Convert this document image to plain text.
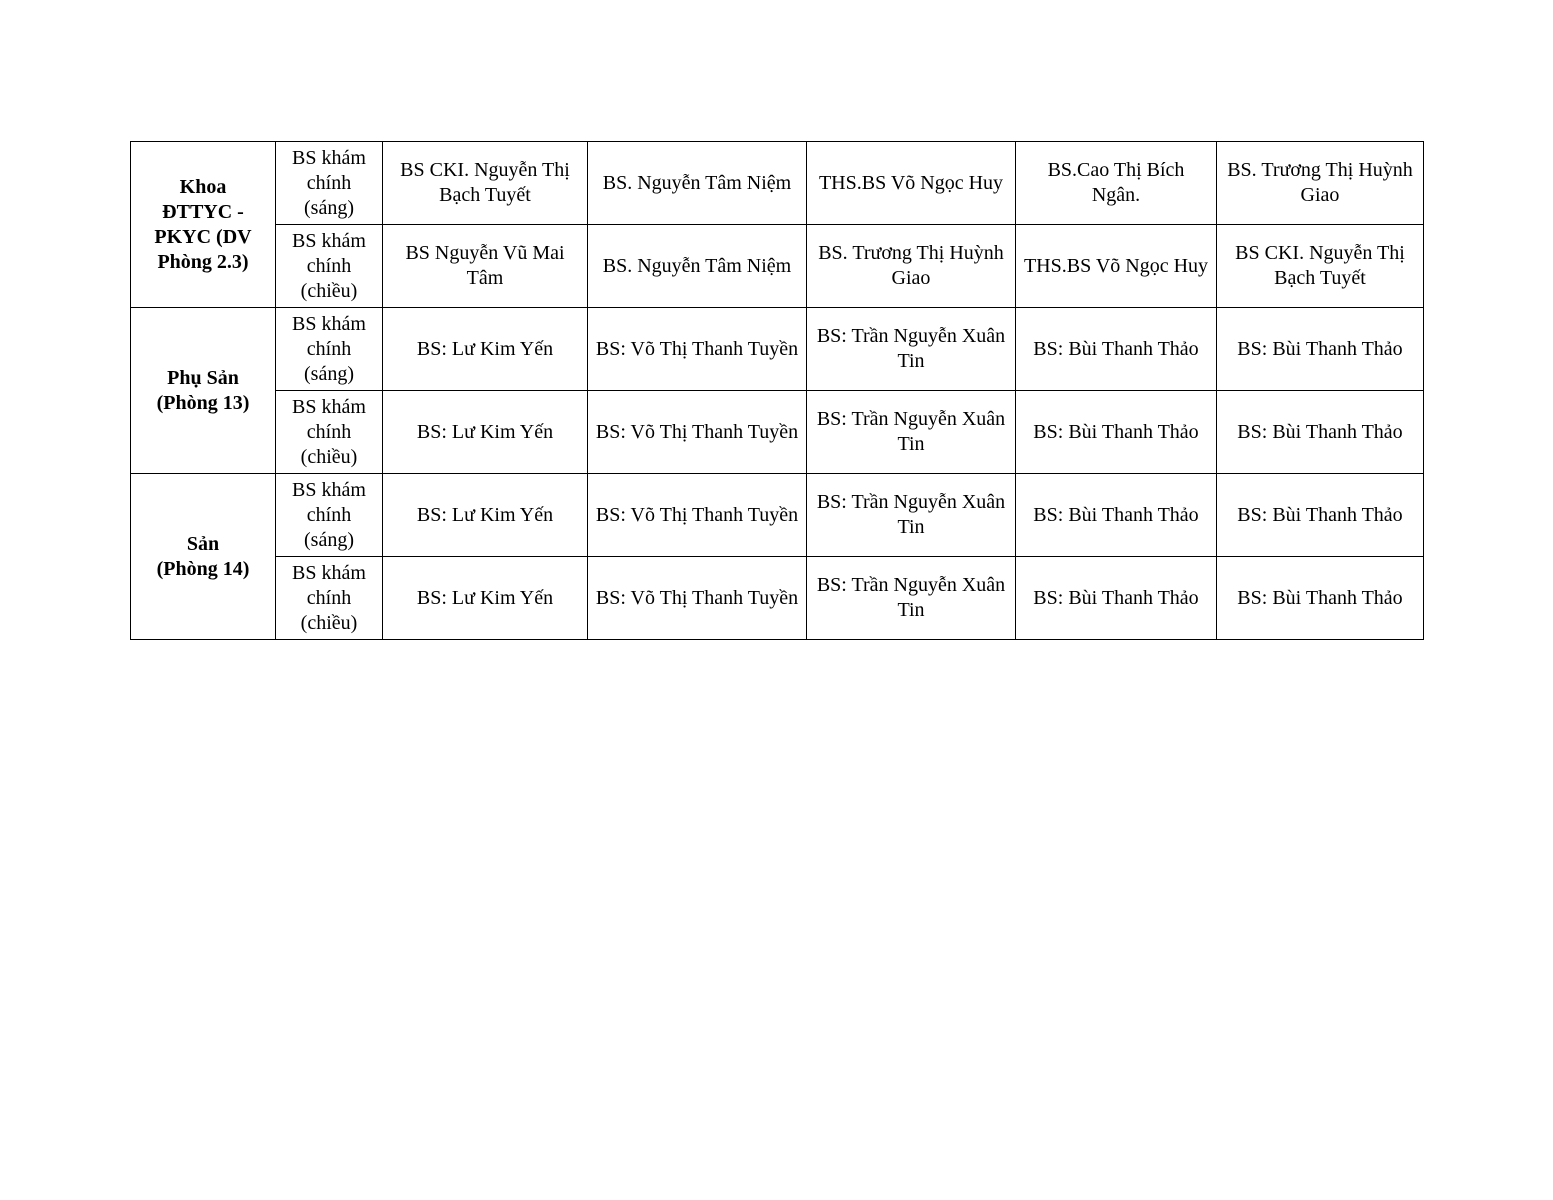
Khoa
ĐTTYC -
PKYC (DV
Phòng 2.3)	BS khám
chính
(sáng)	BS CKI. Nguyễn Thị Bạch Tuyết	BS. Nguyễn Tâm Niệm	THS.BS Võ Ngọc Huy	BS.Cao Thị Bích Ngân.	BS. Trương Thị Huỳnh Giao

	BS khám
chính
(chiều)	BS Nguyễn Vũ Mai Tâm	BS. Nguyễn Tâm Niệm	BS. Trương Thị Huỳnh Giao	THS.BS Võ Ngọc Huy	BS CKI. Nguyễn Thị Bạch Tuyết

Phụ Sản
(Phòng 13)	BS khám
chính
(sáng)	BS: Lư Kim Yến	BS: Võ Thị Thanh Tuyền	BS: Trần Nguyễn Xuân Tin	BS: Bùi Thanh Thảo	BS: Bùi Thanh Thảo

	BS khám
chính
(chiều)	BS: Lư Kim Yến	BS: Võ Thị Thanh Tuyền	BS: Trần Nguyễn Xuân Tin	BS: Bùi Thanh Thảo	BS: Bùi Thanh Thảo

Sản
(Phòng 14)	BS khám
chính
(sáng)	BS: Lư Kim Yến	BS: Võ Thị Thanh Tuyền	BS: Trần Nguyễn Xuân Tin	BS: Bùi Thanh Thảo	BS: Bùi Thanh Thảo

	BS khám
chính
(chiều)	BS: Lư Kim Yến	BS: Võ Thị Thanh Tuyền	BS: Trần Nguyễn Xuân Tin	BS: Bùi Thanh Thảo	BS: Bùi Thanh Thảo
